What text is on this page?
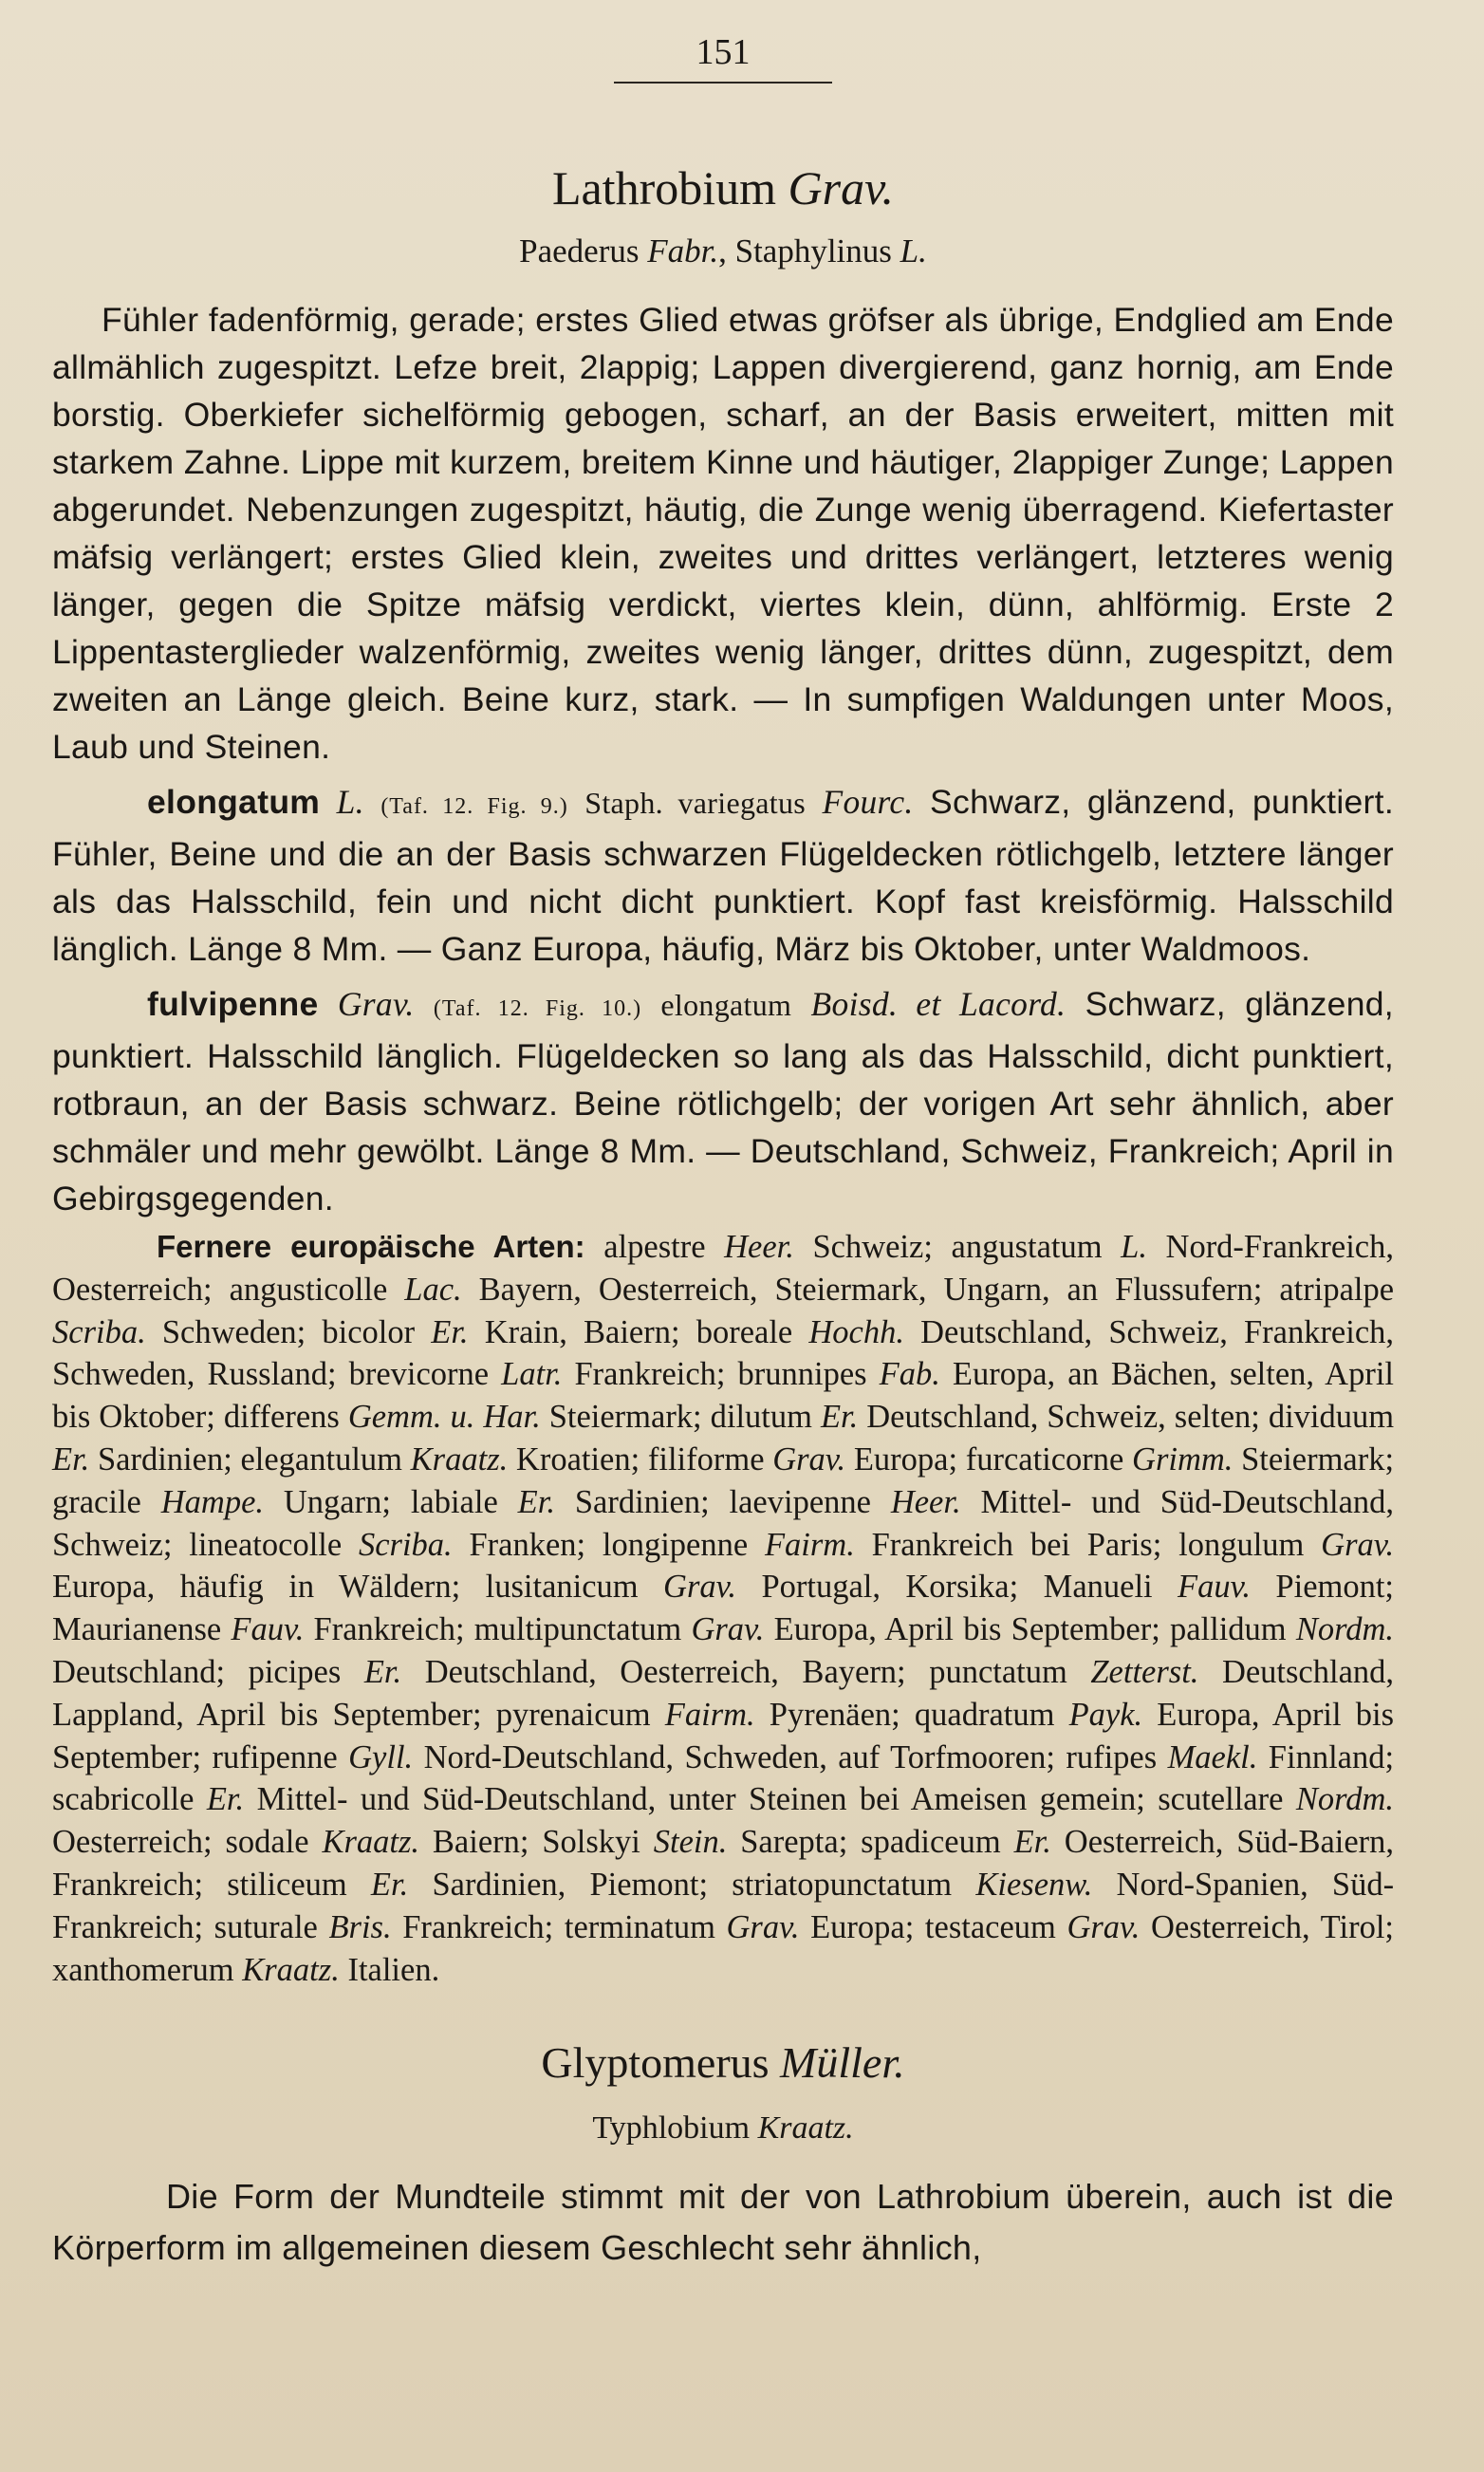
151
Lathrobium Grav.
Paederus Fabr., Staphylinus L.

Fühler fadenförmig, gerade; erstes Glied etwas gröfser als übrige, Endglied am Ende allmählich zugespitzt. Lefze breit, 2lappig; Lappen divergierend, ganz hornig, am Ende borstig. Oberkiefer sichelförmig gebogen, scharf, an der Basis erweitert, mitten mit starkem Zahne. Lippe mit kurzem, breitem Kinne und häutiger, 2lappiger Zunge; Lappen abgerundet. Nebenzungen zugespitzt, häutig, die Zunge wenig überragend. Kiefertaster mäfsig verlängert; erstes Glied klein, zweites und drittes verlängert, letzteres wenig länger, gegen die Spitze mäfsig verdickt, viertes klein, dünn, ahlförmig. Erste 2 Lippentasterglieder walzenförmig, zweites wenig länger, drittes dünn, zugespitzt, dem zweiten an Länge gleich. Beine kurz, stark. — In sumpfigen Waldungen unter Moos, Laub und Steinen.

elongatum L. (Taf. 12. Fig. 9.) Staph. variegatus Fourc. Schwarz, glänzend, punktiert. Fühler, Beine und die an der Basis schwarzen Flügeldecken rötlichgelb, letztere länger als das Halsschild, fein und nicht dicht punktiert. Kopf fast kreisförmig. Halsschild länglich. Länge 8 Mm. — Ganz Europa, häufig, März bis Oktober, unter Waldmoos.

fulvipenne Grav. (Taf. 12. Fig. 10.) elongatum Boisd. et Lacord. Schwarz, glänzend, punktiert. Halsschild länglich. Flügeldecken so lang als das Halsschild, dicht punktiert, rotbraun, an der Basis schwarz. Beine rötlichgelb; der vorigen Art sehr ähnlich, aber schmäler und mehr gewölbt. Länge 8 Mm. — Deutschland, Schweiz, Frankreich; April in Gebirgsgegenden.

Fernere europäische Arten: alpestre Heer. Schweiz; angustatum L. Nord-Frankreich, Oesterreich; angusticolle Lac. Bayern, Oesterreich, Steiermark, Ungarn, an Flussufern; atripalpe Scriba. Schweden; bicolor Er. Krain, Baiern; boreale Hochh. Deutschland, Schweiz, Frankreich, Schweden, Russland; brevicorne Latr. Frankreich; brunnipes Fab. Europa, an Bächen, selten, April bis Oktober; differens Gemm. u. Har. Steiermark; dilutum Er. Deutschland, Schweiz, selten; dividuum Er. Sardinien; elegantulum Kraatz. Kroatien; filiforme Grav. Europa; furcaticorne Grimm. Steiermark; gracile Hampe. Ungarn; labiale Er. Sardinien; laevipenne Heer. Mittel- und Süd-Deutschland, Schweiz; lineatocolle Scriba. Franken; longipenne Fairm. Frankreich bei Paris; longulum Grav. Europa, häufig in Wäldern; lusitanicum Grav. Portugal, Korsika; Manueli Fauv. Piemont; Maurianense Fauv. Frankreich; multipunctatum Grav. Europa, April bis September; pallidum Nordm. Deutschland; picipes Er. Deutschland, Oesterreich, Bayern; punctatum Zetterst. Deutschland, Lappland, April bis September; pyrenaicum Fairm. Pyrenäen; quadratum Payk. Europa, April bis September; rufipenne Gyll. Nord-Deutschland, Schweden, auf Torfmooren; rufipes Maekl. Finnland; scabricolle Er. Mittel- und Süd-Deutschland, unter Steinen bei Ameisen gemein; scutellare Nordm. Oesterreich; sodale Kraatz. Baiern; Solskyi Stein. Sarepta; spadiceum Er. Oesterreich, Süd-Baiern, Frankreich; stiliceum Er. Sardinien, Piemont; striatopunctatum Kiesenw. Nord-Spanien, Süd-Frankreich; suturale Bris. Frankreich; terminatum Grav. Europa; testaceum Grav. Oesterreich, Tirol; xanthomerum Kraatz. Italien.

Glyptomerus Müller.
Typhlobium Kraatz.

Die Form der Mundteile stimmt mit der von Lathrobium überein, auch ist die Körperform im allgemeinen diesem Geschlecht sehr ähnlich,
